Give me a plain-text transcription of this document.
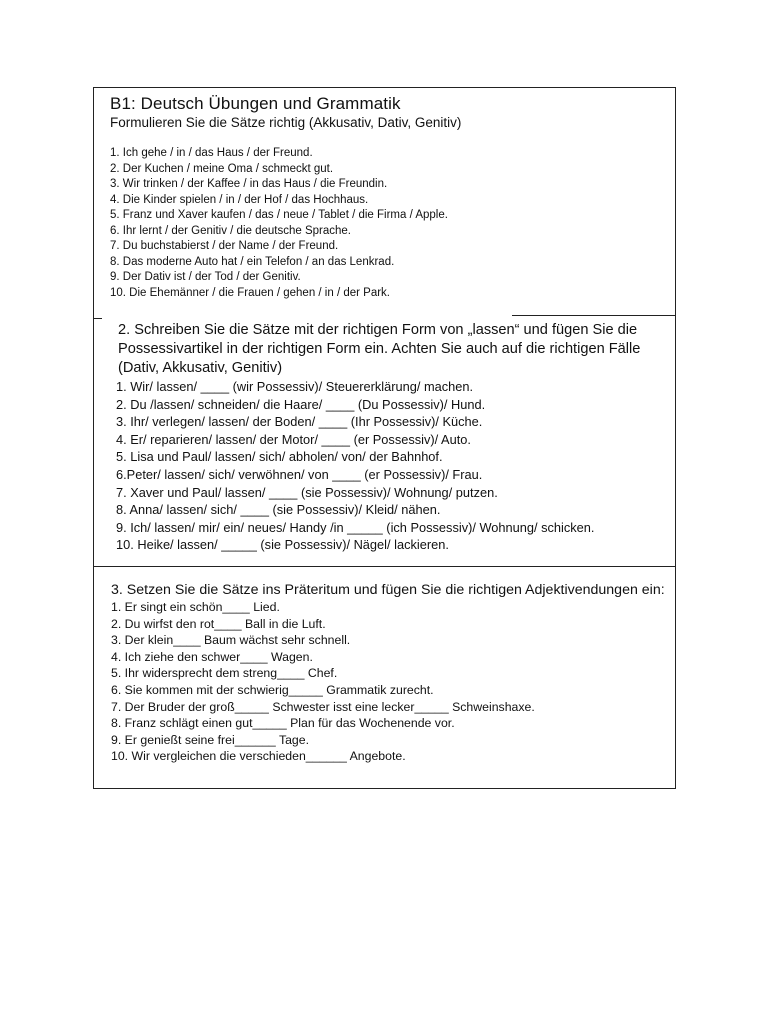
B1: Deutsch Übungen und Grammatik
Formulieren Sie die Sätze richtig (Akkusativ, Dativ, Genitiv)
1. Ich gehe / in / das Haus / der Freund.
2. Der Kuchen / meine Oma / schmeckt gut.
3. Wir trinken / der Kaffee / in das Haus / die Freundin.
4. Die Kinder spielen / in / der Hof / das Hochhaus.
5. Franz und Xaver kaufen / das / neue / Tablet / die Firma / Apple.
6. Ihr lernt / der Genitiv / die deutsche Sprache.
7. Du buchstabierst / der Name / der Freund.
8. Das moderne Auto hat / ein Telefon / an das Lenkrad.
9. Der Dativ ist / der Tod / der Genitiv.
10. Die Ehemänner / die Frauen / gehen / in / der Park.
2. Schreiben Sie die Sätze mit der richtigen Form von „lassen“ und fügen Sie die Possessivartikel in der richtigen Form ein. Achten Sie auch auf die richtigen Fälle (Dativ, Akkusativ, Genitiv)
1. Wir/ lassen/ ____ (wir Possessiv)/ Steuererklärung/ machen.
2. Du /lassen/ schneiden/ die Haare/ ____ (Du Possessiv)/ Hund.
3. Ihr/ verlegen/ lassen/ der Boden/ ____ (Ihr Possessiv)/ Küche.
4. Er/ reparieren/ lassen/ der Motor/ ____ (er Possessiv)/ Auto.
5. Lisa und Paul/ lassen/ sich/ abholen/ von/ der Bahnhof.
6.Peter/ lassen/ sich/ verwöhnen/ von ____ (er Possessiv)/ Frau.
7. Xaver und Paul/ lassen/ ____ (sie Possessiv)/ Wohnung/ putzen.
8. Anna/ lassen/ sich/ ____ (sie Possessiv)/ Kleid/ nähen.
9. Ich/ lassen/ mir/ ein/ neues/ Handy /in _____ (ich Possessiv)/ Wohnung/ schicken.
10. Heike/ lassen/ _____ (sie Possessiv)/ Nägel/ lackieren.
3. Setzen Sie die Sätze ins Präteritum und fügen Sie die richtigen Adjektivendungen ein:
1. Er singt ein schön____ Lied.
2. Du wirfst den rot____ Ball in die Luft.
3. Der klein____ Baum wächst sehr schnell.
4. Ich ziehe den schwer____ Wagen.
5. Ihr widersprecht dem streng____ Chef.
6. Sie kommen mit der schwierig_____ Grammatik zurecht.
7. Der Bruder der groß_____ Schwester isst eine lecker_____ Schweinshaxe.
8. Franz schlägt einen gut_____ Plan für das Wochenende vor.
9. Er genießt seine frei______ Tage.
10. Wir vergleichen die verschieden______ Angebote.
